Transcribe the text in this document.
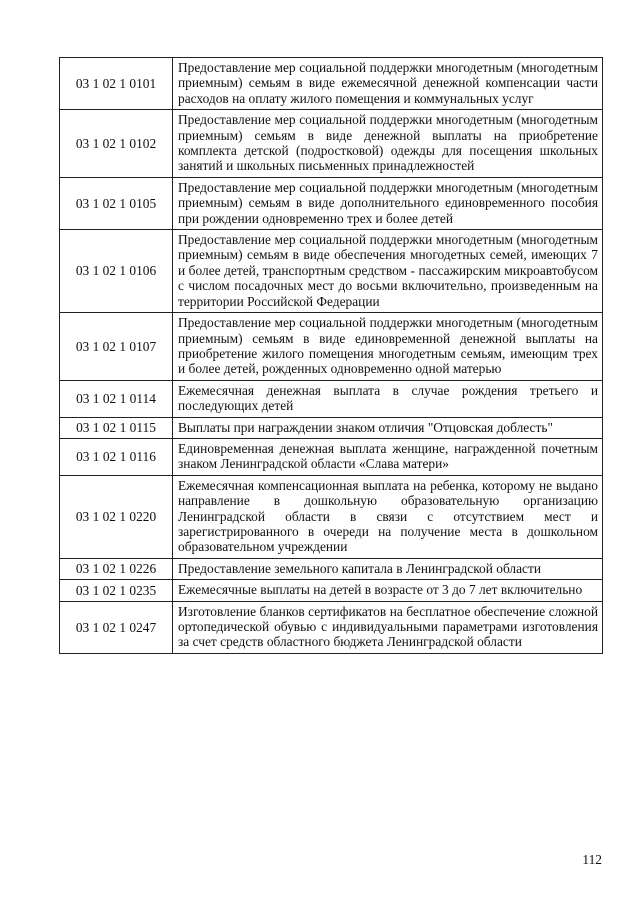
03 1 02 1 0101	Предоставление мер социальной поддержки многодетным (многодетным приемным) семьям в виде ежемесячной денежной компенсации части расходов на оплату жилого помещения и коммунальных услуг
03 1 02 1 0102	Предоставление мер социальной поддержки многодетным (многодетным приемным) семьям в виде денежной выплаты на приобретение комплекта детской (подростковой) одежды для посещения школьных занятий и школьных письменных принадлежностей
03 1 02 1 0105	Предоставление мер социальной поддержки многодетным (многодетным приемным) семьям в виде дополнительного единовременного пособия при рождении одновременно трех и более детей
03 1 02 1 0106	Предоставление мер социальной поддержки многодетным (многодетным приемным) семьям в виде обеспечения многодетных семей, имеющих 7 и более детей, транспортным средством - пассажирским микроавтобусом с числом посадочных мест до восьми включительно, произведенным на территории Российской Федерации
03 1 02 1 0107	Предоставление мер социальной поддержки многодетным (многодетным приемным) семьям в виде единовременной денежной выплаты на приобретение жилого помещения многодетным семьям, имеющим трех и более детей, рожденных одновременно одной матерью
03 1 02 1 0114	Ежемесячная денежная выплата в случае рождения третьего и последующих детей
03 1 02 1 0115	Выплаты при награждении знаком отличия "Отцовская доблесть"
03 1 02 1 0116	Единовременная денежная выплата женщине, награжденной почетным знаком Ленинградской области «Слава матери»
03 1 02 1 0220	Ежемесячная компенсационная выплата на ребенка, которому не выдано направление в дошкольную образовательную организацию Ленинградской области в связи с отсутствием мест и зарегистрированного в очереди на получение места в дошкольном образовательном учреждении
03 1 02 1 0226	Предоставление земельного капитала в Ленинградской области
03 1 02 1 0235	Ежемесячные выплаты на детей в возрасте от 3 до 7 лет включительно
03 1 02 1 0247	Изготовление бланков сертификатов на бесплатное обеспечение сложной ортопедической обувью с индивидуальными параметрами изготовления за счет средств областного бюджета Ленинградской области
112
